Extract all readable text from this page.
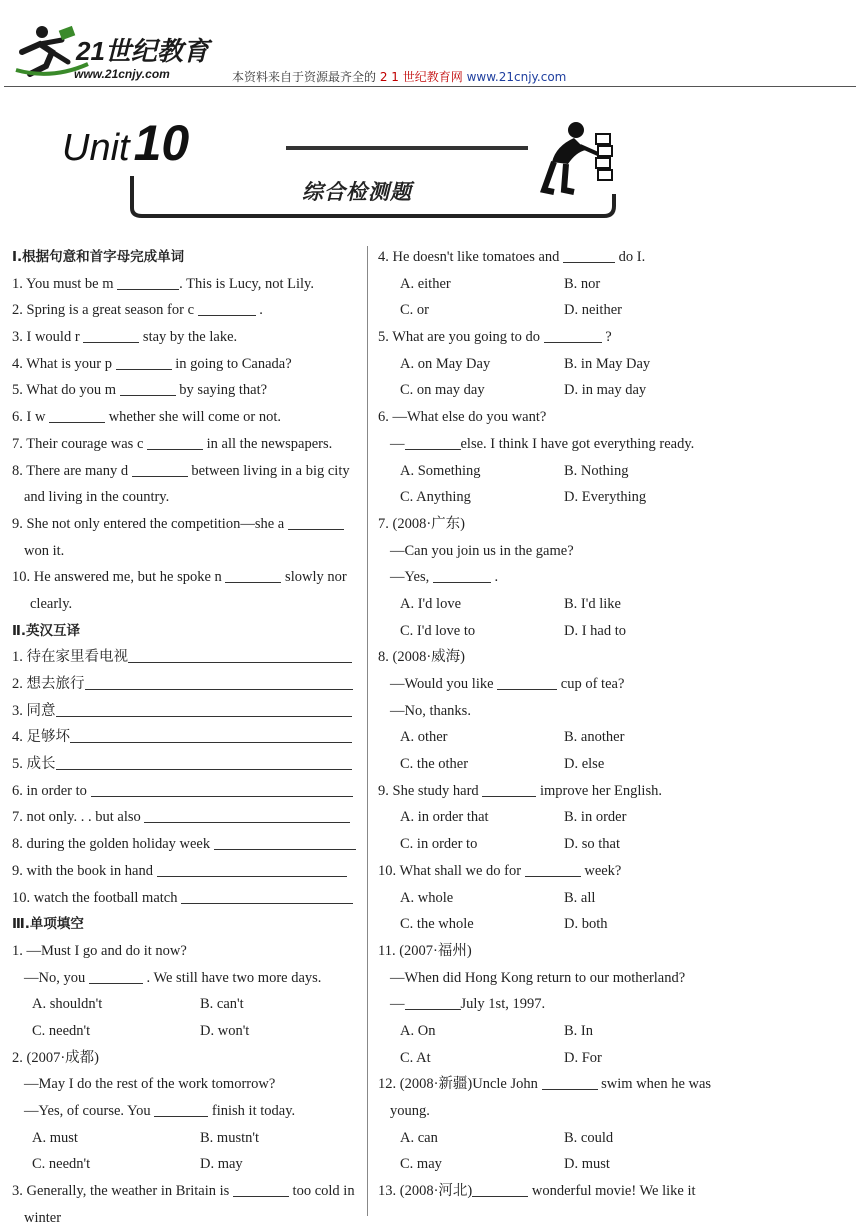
21世纪教育
www.21cnjy.com	本资料来自于资源最齐全的 2 1 世纪教育网 www.21cnjy.com
Unit10
综合检测题
Ⅰ.根据句意和首字母完成单词
1. You must be m	. This is Lucy, not Lily.
2. Spring is a great season for c	.
3. I would r	stay by the lake.
4. What is your p	in going to Canada?
5. What do you m	by saying that?
6. I w	whether she will come or not.
7. Their courage was c	in all the newspapers.
8. There are many d	between living in a big city
and living in the country.
9. She not only entered the competition—she a
won it.
10. He answered me, but he spoke n	slowly nor
clearly.
Ⅱ.英汉互译
1. 待在家里看电视
2. 想去旅行
3. 同意
4. 足够坏
5. 成长
6. in order to
7. not only. . . but also
8. during the golden holiday week
9. with the book in hand
10. watch the football match
Ⅲ.单项填空
1. —Must I go and do it now?
—No, you	. We still have two more days.
A. shouldn't	B. can't
C. needn't	D. won't
2. (2007·成都)
—May I do the rest of the work tomorrow?
—Yes, of course. You	finish it today.
A. must	B. mustn't
C. needn't	D. may
3. Generally, the weather in Britain is	too cold in
winter
4. He doesn't like tomatoes and	do I.
A. either	B. nor
C. or	D. neither
5. What are you going to do	?
A. on May Day	B. in May Day
C. on may day	D. in may day
6. —What else do you want?
—	else. I think I have got everything ready.
A. Something	B. Nothing
C. Anything	D. Everything
7. (2008·广东)
—Can you join us in the game?
—Yes,	.
A. I'd love	B. I'd like
C. I'd love to	D. I had to
8. (2008·威海)
—Would you like	cup of tea?
—No, thanks.
A. other	B. another
C. the other	D. else
9. She study hard	improve her English.
A. in order that	B. in order
C. in order to	D. so that
10. What shall we do for	week?
A. whole	B. all
C. the whole	D. both
11. (2007·福州)
—When did Hong Kong return to our motherland?
—	July 1st, 1997.
A. On	B. In
C. At	D. For
12. (2008·新疆)Uncle John	swim when he was
young.
A. can	B. could
C. may	D. must
13. (2008·河北)	wonderful movie! We like it
